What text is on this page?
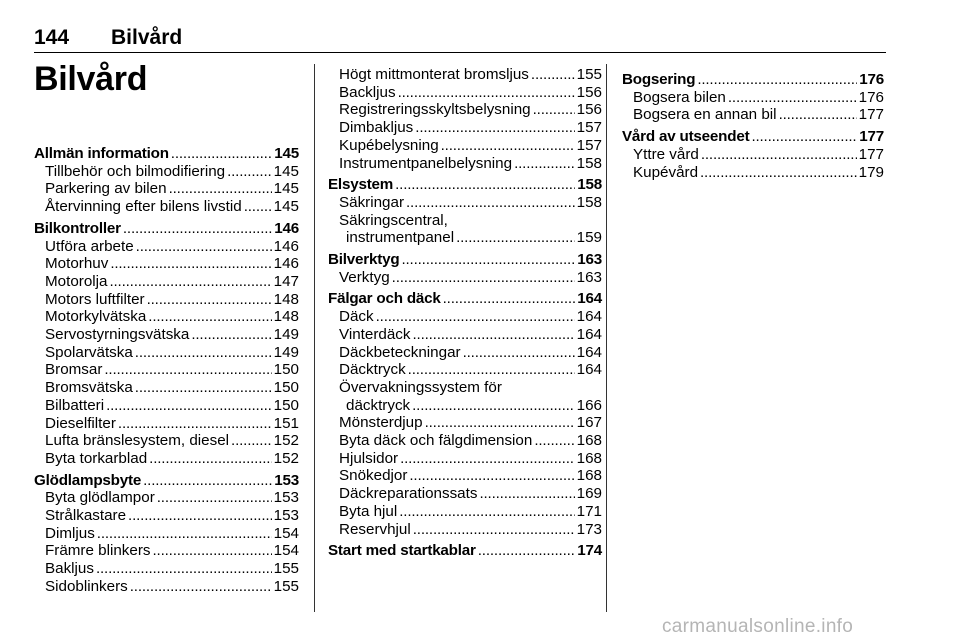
144 Bilvård
Bilvård
Allmän information . . .	145
Tillbehör och bilmodifiering . . .	145
Parkering av bilen . . .	145
Återvinning efter bilens livstid . . . 145
Bilkontroller . . .	146
Utföra arbete . . .	146
Motorhuv . . .	146
Motorolja . . .	147
Motors luftfilter . . .	148
Motorkylvätska . . .	148
Servostyrningsvätska . . .	149
Spolarvätska . . .	149
Bromsar . . .	150
Bromsvätska . . .	150
Bilbatteri . . .	150
Dieselfilter . . .	151
Lufta bränslesystem, diesel . . .	152
Byta torkarblad . . .	152
Glödlampsbyte . . .	153
Byta glödlampor . . .	153
Strålkastare . . .	153
Dimljus . . .	154
Främre blinkers . . .	154
Bakljus . . .	155
Sidoblinkers . . .	155
Högt mittmonterat bromsljus . . .	155
Backljus . . .	156
Registreringsskyltsbelysning . . .	156
Dimbakljus . . .	157
Kupébelysning . . .	157
Instrumentpanelbelysning . . .	158
Elsystem . . .	158
Säkringar . . .	158
Säkringscentral,
instrumentpanel . . .	159
Bilverktyg . . .	163
Verktyg . . .	163
Fälgar och däck . . .	164
Däck . . .	164
Vinterdäck . . .	164
Däckbeteckningar . . .	164
Däcktryck . . .	164
Övervakningssystem för
däcktryck . . .	166
Mönsterdjup . . .	167
Byta däck och fälgdimension . . .	168
Hjulsidor . . .	168
Snökedjor . . .	168
Däckreparationssats . . .	169
Byta hjul . . .	171
Reservhjul . . .	173
Start med startkablar . . .	174
Bogsering . . .	176
Bogsera bilen . . .	176
Bogsera en annan bil . . .	177
Vård av utseendet . . .	177
Yttre vård . . .	177
Kupévård . . .	179
carmanualsonline.info
